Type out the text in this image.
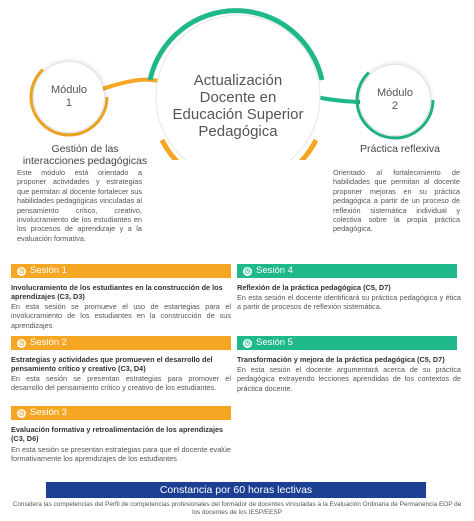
Actualización
Docente en
Educación Superior
Pedagógica
Módulo
1
Módulo
2
Gestión de las
interacciones pedagógicas
Práctica reflexiva

Este módulo está orientado a proponer actividades y estrategias que permitan al docente fortalecer sus habilidades pedagógicas vinculadas al pensamiento crítico, creativo, involucramiento de los estudiantes en los procesos de aprendizaje y a la evaluación formativa.

Orientado al fortalecimiento de habilidades que permitan al docente proponer mejoras en su práctica pedagógica a partir de un proceso de reflexión sistemática individual y colectiva sobre la propia práctica pedagógica.

◷ Sesión 1

Involucramiento de los estudiantes en la construcción de los aprendizajes (C3, D3)

En esta sesión se promueve el uso de estartegias para el involucramiento de los estudiantes en la construcción de sus aprendizajes

◷ Sesión 2

Estrategias y actividades que promueven el desarrollo del pensamiento crítico y creativo (C3, D4)

En esta sesión se presentan estrategias para promover el desarrollo del pensamiento crítico y creativo de los estudiantes.

◷ Sesión 3

Evaluación formativa y retroalimentación de los aprendizajes (C3, D6)

En esta sesión se presentan estrategias para que el docente evalúe formativamente los aprendizajes de los estudiantes

◷ Sesión 4

Reflexión de la práctica pedagógica (C5, D7)

En esta sesión el docente identificará su práctica pedagógica y ética a partir de procesos de reflexión sistemática.

◷ Sesión 5

Transformación y mejora de la práctica pedagógica (C5, D7)

En esta sesión el docente argumentará acerca de su práctica pedagógica extrayendo lecciones aprendidas de los contextos de práctica docente.

Constancia por 60 horas lectivas

Considera las competencias del Perfil de competencias profesionales del formador de docentes vinculadas a la Evaluación Ordinaria de Permanencia EOP de los docentes de los IESP/EESP
